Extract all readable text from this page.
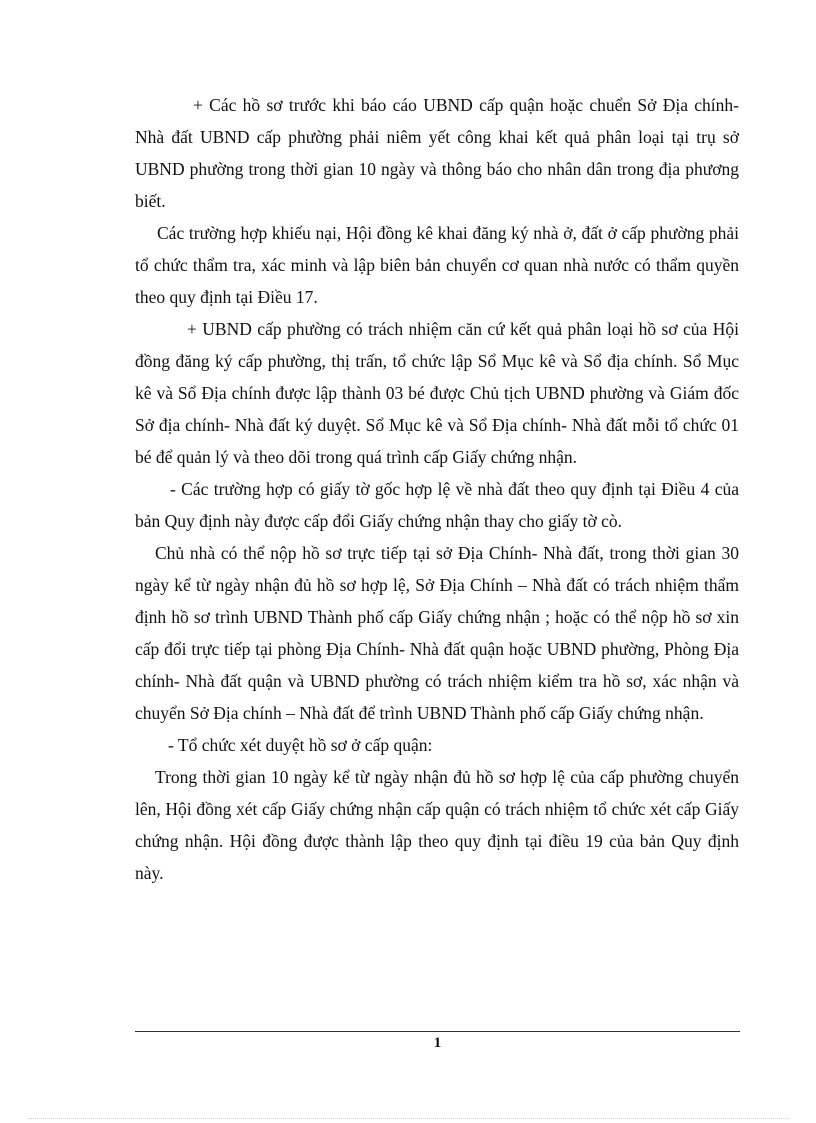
+ Các hồ sơ trước khi báo cáo UBND cấp quận hoặc chuển Sở Địa chính- Nhà đất UBND cấp phường phải niêm yết công khai kết quả phân loại tại trụ sở UBND phường trong thời gian 10 ngày và thông báo cho nhân dân trong địa phương biết.

Các trường hợp khiếu nại, Hội đồng kê khai đăng ký nhà ở, đất ở cấp phường phải tổ chức thẩm tra, xác minh và lập biên bản chuyển cơ quan nhà nước có thẩm quyền theo quy định tại Điều 17.

+ UBND cấp phường có trách nhiệm căn cứ kết quả phân loại hồ sơ của Hội đồng đăng ký cấp phường, thị trấn, tổ chức lập Sổ Mục kê và Sổ địa chính. Sổ Mục kê và Sổ Địa chính được lập thành 03 bé được Chủ tịch UBND phường và Giám đốc Sở địa chính- Nhà đất ký duyệt. Sổ Mục kê và Sổ Địa chính- Nhà đất mỗi tổ chức 01 bé để quản lý và theo dõi trong quá trình cấp Giấy chứng nhận.

- Các trường hợp có giấy tờ gốc hợp lệ về nhà đất theo quy định tại Điều 4 của bản Quy định này được cấp đổi Giấy chứng nhận thay cho giấy tờ cò.

Chủ nhà có thể nộp hồ sơ trực tiếp tại sở Địa Chính- Nhà đất, trong thời gian 30 ngày kể từ ngày nhận đủ hồ sơ hợp lệ, Sở Địa Chính – Nhà đất có trách nhiệm thẩm định hồ sơ trình UBND Thành phố cấp Giấy chứng nhận ; hoặc có thể nộp hồ sơ xin cấp đổi trực tiếp tại phòng Địa Chính- Nhà đất quận hoặc UBND phường, Phòng Địa chính- Nhà đất quận và UBND phường có trách nhiệm kiểm tra hồ sơ, xác nhận và chuyển Sở Địa chính – Nhà đất để trình UBND Thành phố cấp Giấy chứng nhận.

- Tổ chức xét duyệt hồ sơ ở cấp quận:

Trong thời gian 10 ngày kể từ ngày nhận đủ hồ sơ hợp lệ của cấp phường chuyển lên, Hội đồng xét cấp Giấy chứng nhận cấp quận có trách nhiệm tổ chức xét cấp Giấy chứng nhận. Hội đồng được thành lập theo quy định tại điều 19 của bản Quy định này.

1
